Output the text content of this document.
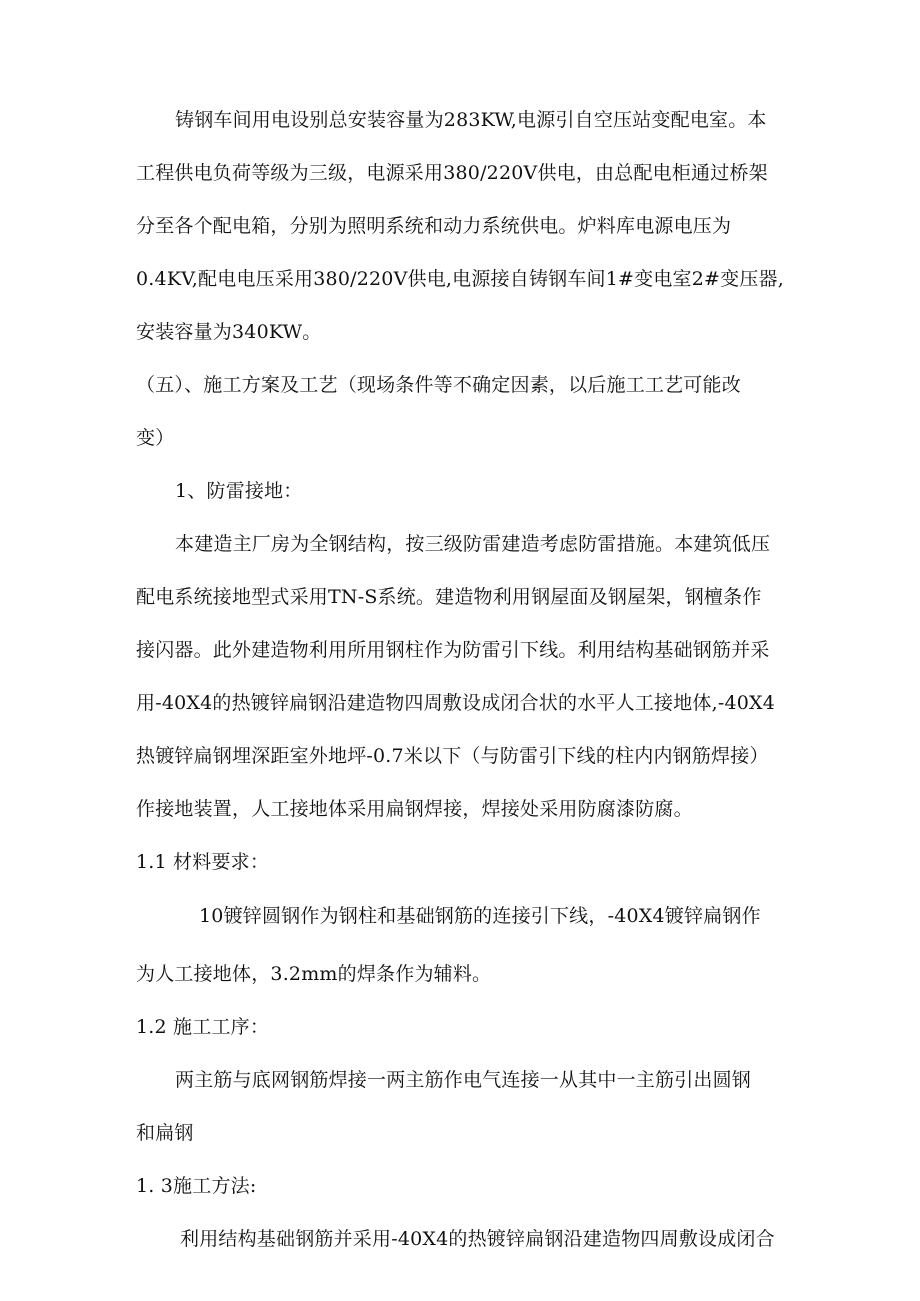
铸钢车间用电设别总安装容量为283KW,电源引自空压站变配电室。本
工程供电负荷等级为三级，电源采用380/220V供电，由总配电柜通过桥架
分至各个配电箱，分别为照明系统和动力系统供电。炉料库电源电压为
0.4KV,配电电压采用380/220V供电,电源接自铸钢车间1#变电室2#变压器,
安装容量为340KW。
（五）、施工方案及工艺（现场条件等不确定因素，以后施工工艺可能改
变）
1、防雷接地：
本建造主厂房为全钢结构，按三级防雷建造考虑防雷措施。本建筑低压
配电系统接地型式采用TN-S系统。建造物利用钢屋面及钢屋架，钢檀条作
接闪器。此外建造物利用所用钢柱作为防雷引下线。利用结构基础钢筋并采
用-40X4的热镀锌扁钢沿建造物四周敷设成闭合状的水平人工接地体,-40X4
热镀锌扁钢埋深距室外地坪-0.7米以下（与防雷引下线的柱内内钢筋焊接）
作接地装置，人工接地体采用扁钢焊接，焊接处采用防腐漆防腐。
1.1 材料要求：
10镀锌圆钢作为钢柱和基础钢筋的连接引下线，-40X4镀锌扁钢作
为人工接地体，3.2mm的焊条作为辅料。
1.2 施工工序：
两主筋与底网钢筋焊接一两主筋作电气连接一从其中一主筋引出圆钢
和扁钢
1. 3施工方法:
利用结构基础钢筋并采用-40X4的热镀锌扁钢沿建造物四周敷设成闭合
